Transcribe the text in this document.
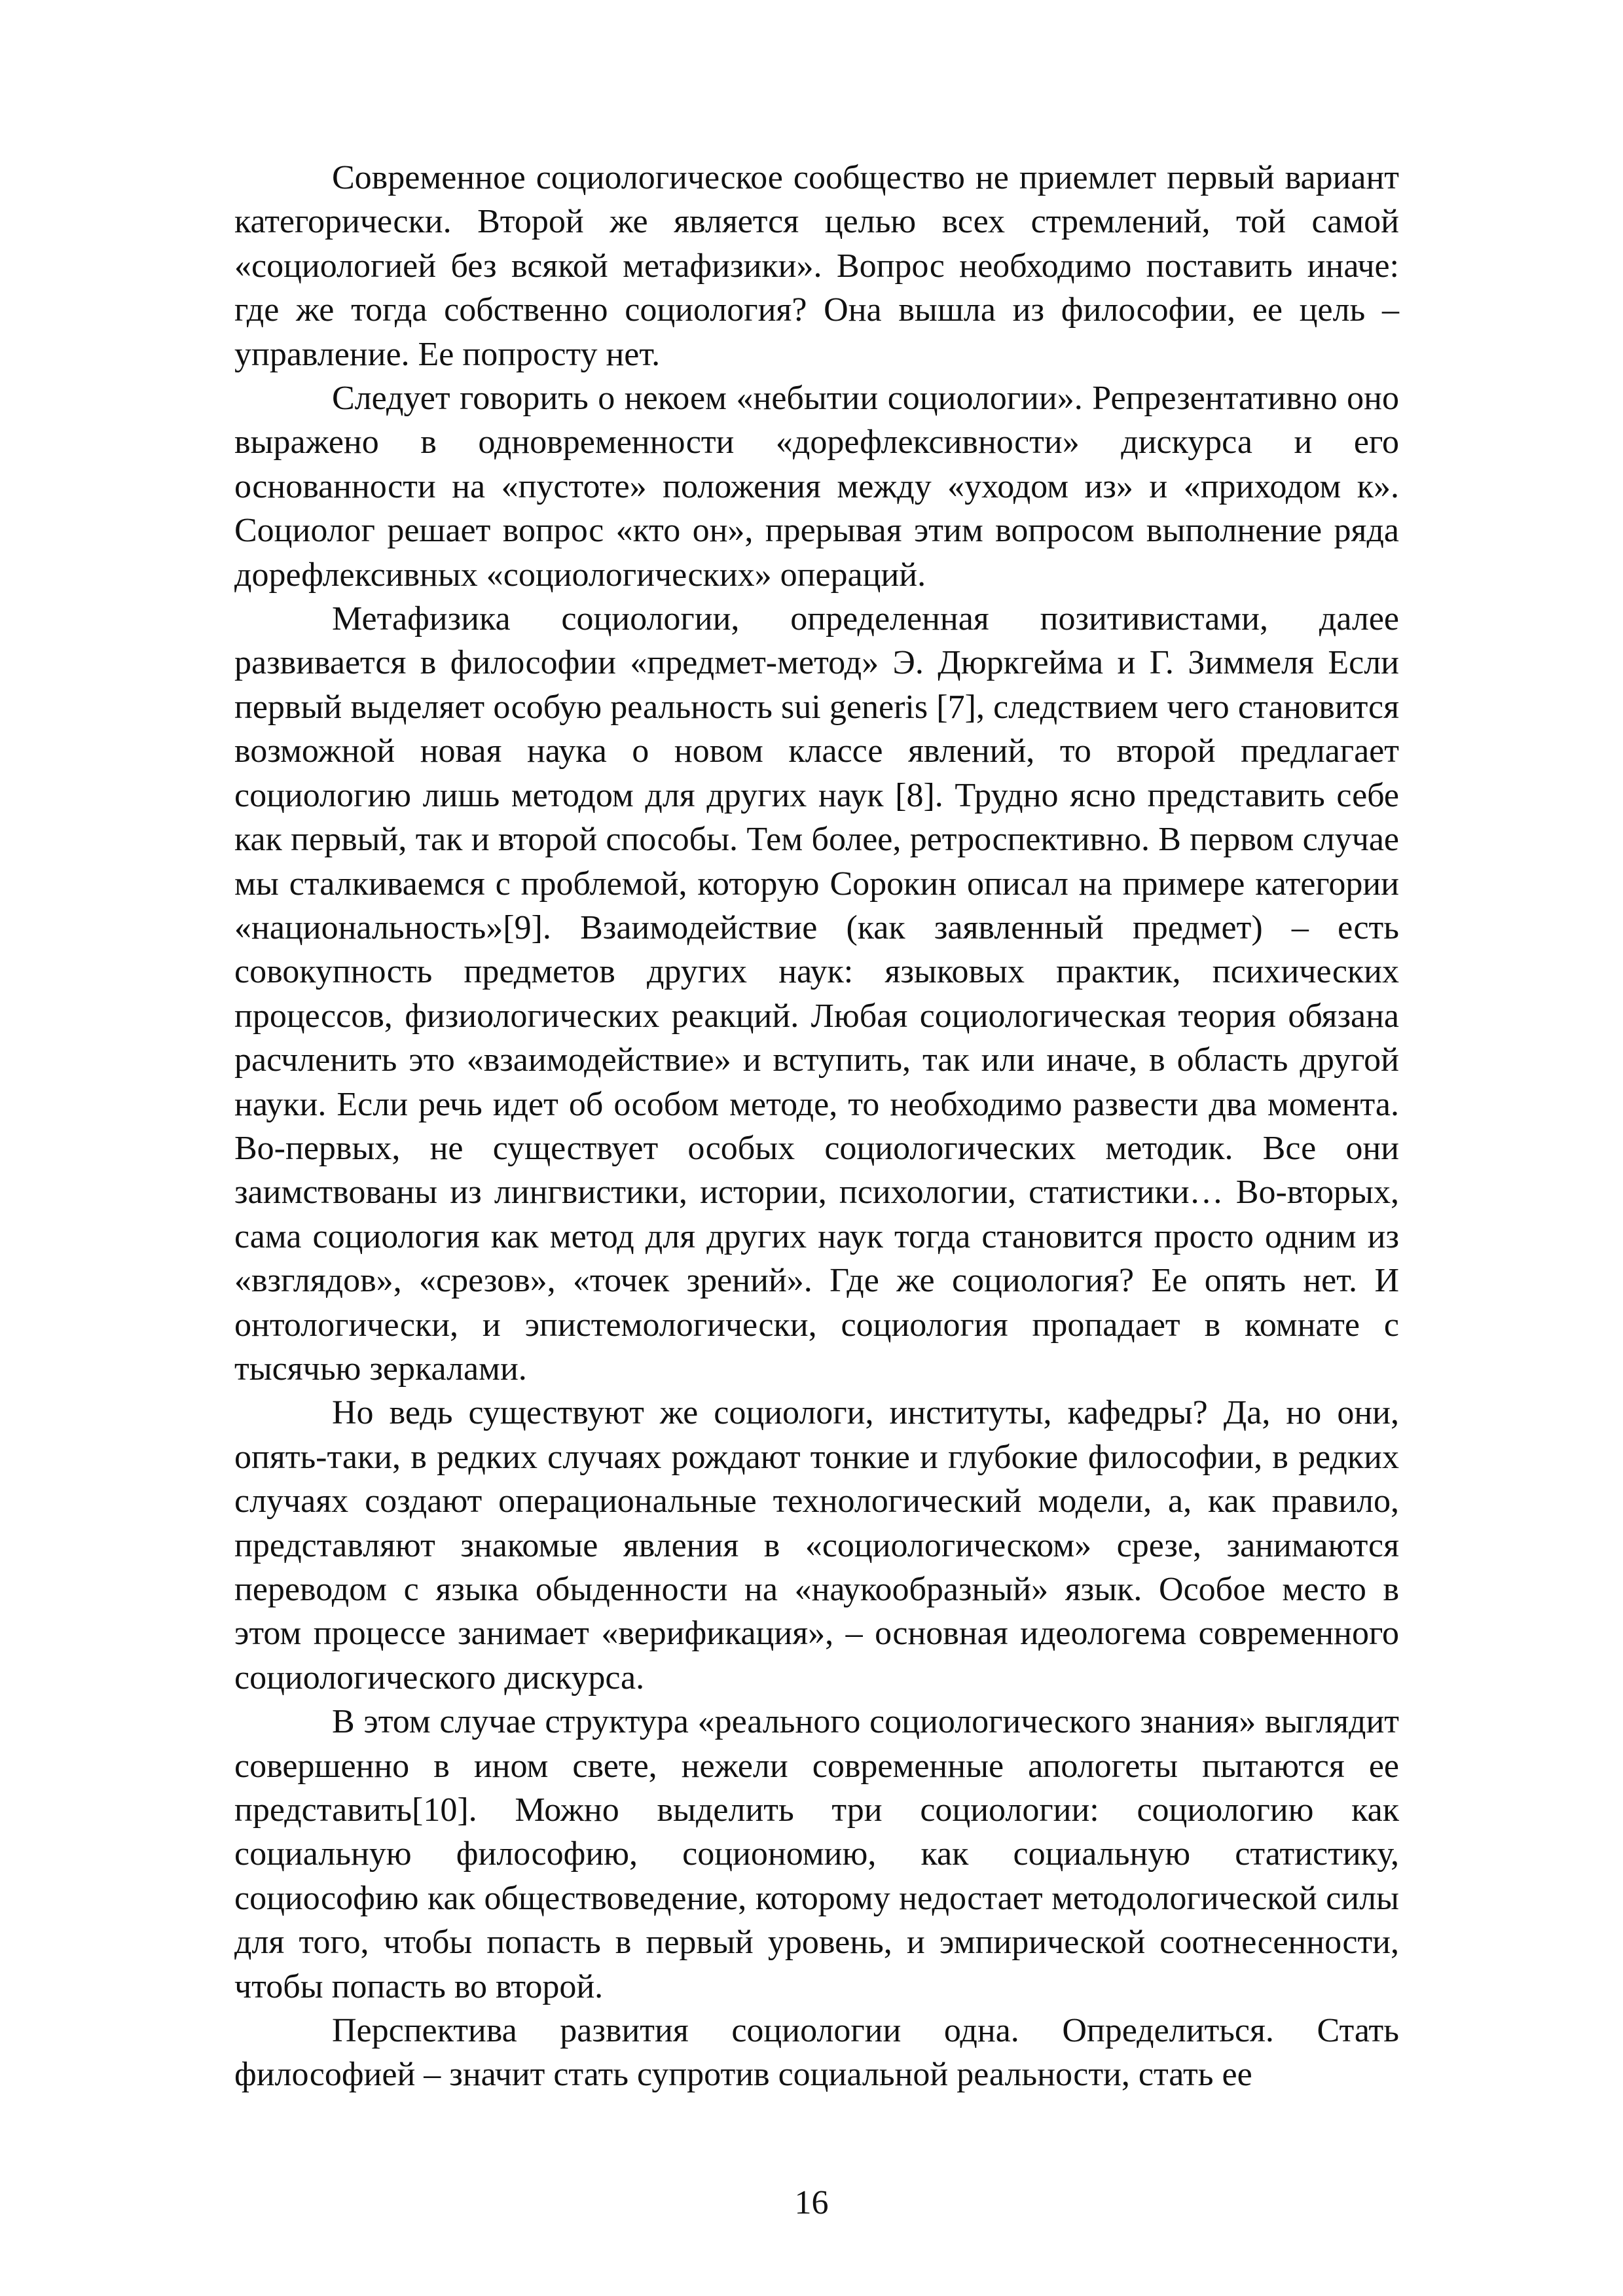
Современное социологическое сообщество не приемлет первый вариант категорически. Второй же является целью всех стремлений, той самой «социологией без всякой метафизики». Вопрос необходимо поставить иначе: где же тогда собственно социология? Она вышла из философии, ее цель – управление. Ее попросту нет.

Следует говорить о некоем «небытии социологии». Репрезентативно оно выражено в одновременности «дорефлексивности» дискурса и его основанности на «пустоте» положения между «уходом из» и «приходом к». Социолог решает вопрос «кто он», прерывая этим вопросом выполнение ряда дорефлексивных «социологических» операций.

Метафизика социологии, определенная позитивистами, далее развивается в философии «предмет-метод» Э. Дюркгейма и Г. Зиммеля Если первый выделяет особую реальность sui generis [7], следствием чего становится возможной новая наука о новом классе явлений, то второй предлагает социологию лишь методом для других наук [8]. Трудно ясно представить себе как первый, так и второй способы. Тем более, ретроспективно. В первом случае мы сталкиваемся с проблемой, которую Сорокин описал на примере категории «национальность»[9]. Взаимодействие (как заявленный предмет) – есть совокупность предметов других наук: языковых практик, психических процессов, физиологических реакций. Любая социологическая теория обязана расчленить это «взаимодействие» и вступить, так или иначе, в область другой науки. Если речь идет об особом методе, то необходимо развести два момента. Во-первых, не существует особых социологических методик. Все они заимствованы из лингвистики, истории, психологии, статистики… Во-вторых, сама социология как метод для других наук тогда становится просто одним из «взглядов», «срезов», «точек зрений». Где же социология? Ее опять нет. И онтологически, и эпистемологически, социология пропадает в комнате с тысячью зеркалами.

Но ведь существуют же социологи, институты, кафедры? Да, но они, опять-таки, в редких случаях рождают тонкие и глубокие философии, в редких случаях создают операциональные технологический модели, а, как правило, представляют знакомые явления в «социологическом» срезе, занимаются переводом с языка обыденности на «наукообразный» язык. Особое место в этом процессе занимает «верификация», – основная идеологема современного социологического дискурса.

В этом случае структура «реального социологического знания» выглядит совершенно в ином свете, нежели современные апологеты пытаются ее представить[10]. Можно выделить три социологии: социологию как социальную философию, социономию, как социальную статистику, социософию как обществоведение, которому недостает методологической силы для того, чтобы попасть в первый уровень, и эмпирической соотнесенности, чтобы попасть во второй.

Перспектива развития социологии одна. Определиться. Стать философией – значит стать супротив социальной реальности, стать ее

16
